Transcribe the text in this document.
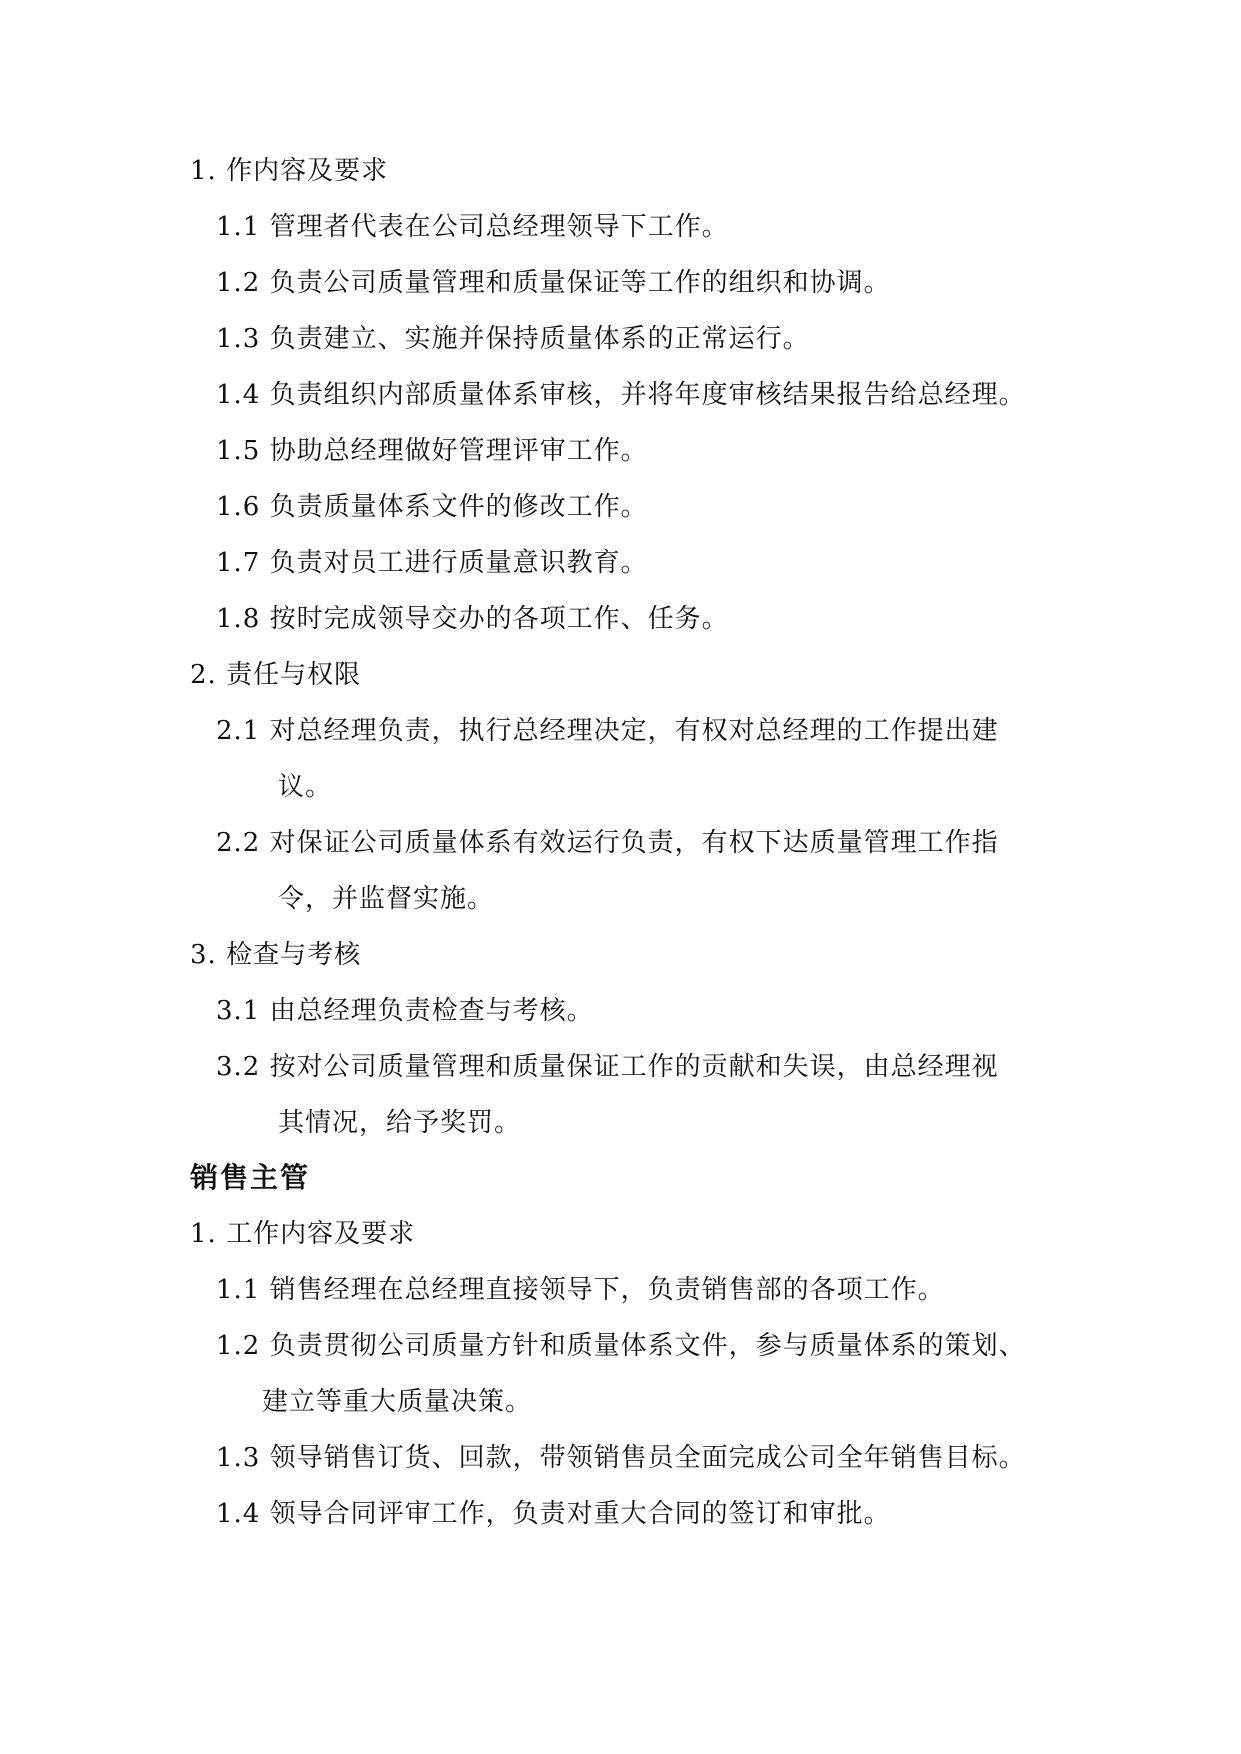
1. 作内容及要求
1.1 管理者代表在公司总经理领导下工作。
1.2 负责公司质量管理和质量保证等工作的组织和协调。
1.3 负责建立、实施并保持质量体系的正常运行。
1.4 负责组织内部质量体系审核，并将年度审核结果报告给总经理。
1.5 协助总经理做好管理评审工作。
1.6 负责质量体系文件的修改工作。
1.7 负责对员工进行质量意识教育。
1.8 按时完成领导交办的各项工作、任务。
2. 责任与权限
2.1 对总经理负责，执行总经理决定，有权对总经理的工作提出建
议。
2.2 对保证公司质量体系有效运行负责，有权下达质量管理工作指
令，并监督实施。
3. 检查与考核
3.1 由总经理负责检查与考核。
3.2 按对公司质量管理和质量保证工作的贡献和失误，由总经理视
其情况，给予奖罚。
销售主管
1. 工作内容及要求
1.1 销售经理在总经理直接领导下，负责销售部的各项工作。
1.2 负责贯彻公司质量方针和质量体系文件，参与质量体系的策划、
建立等重大质量决策。
1.3 领导销售订货、回款，带领销售员全面完成公司全年销售目标。
1.4 领导合同评审工作，负责对重大合同的签订和审批。
